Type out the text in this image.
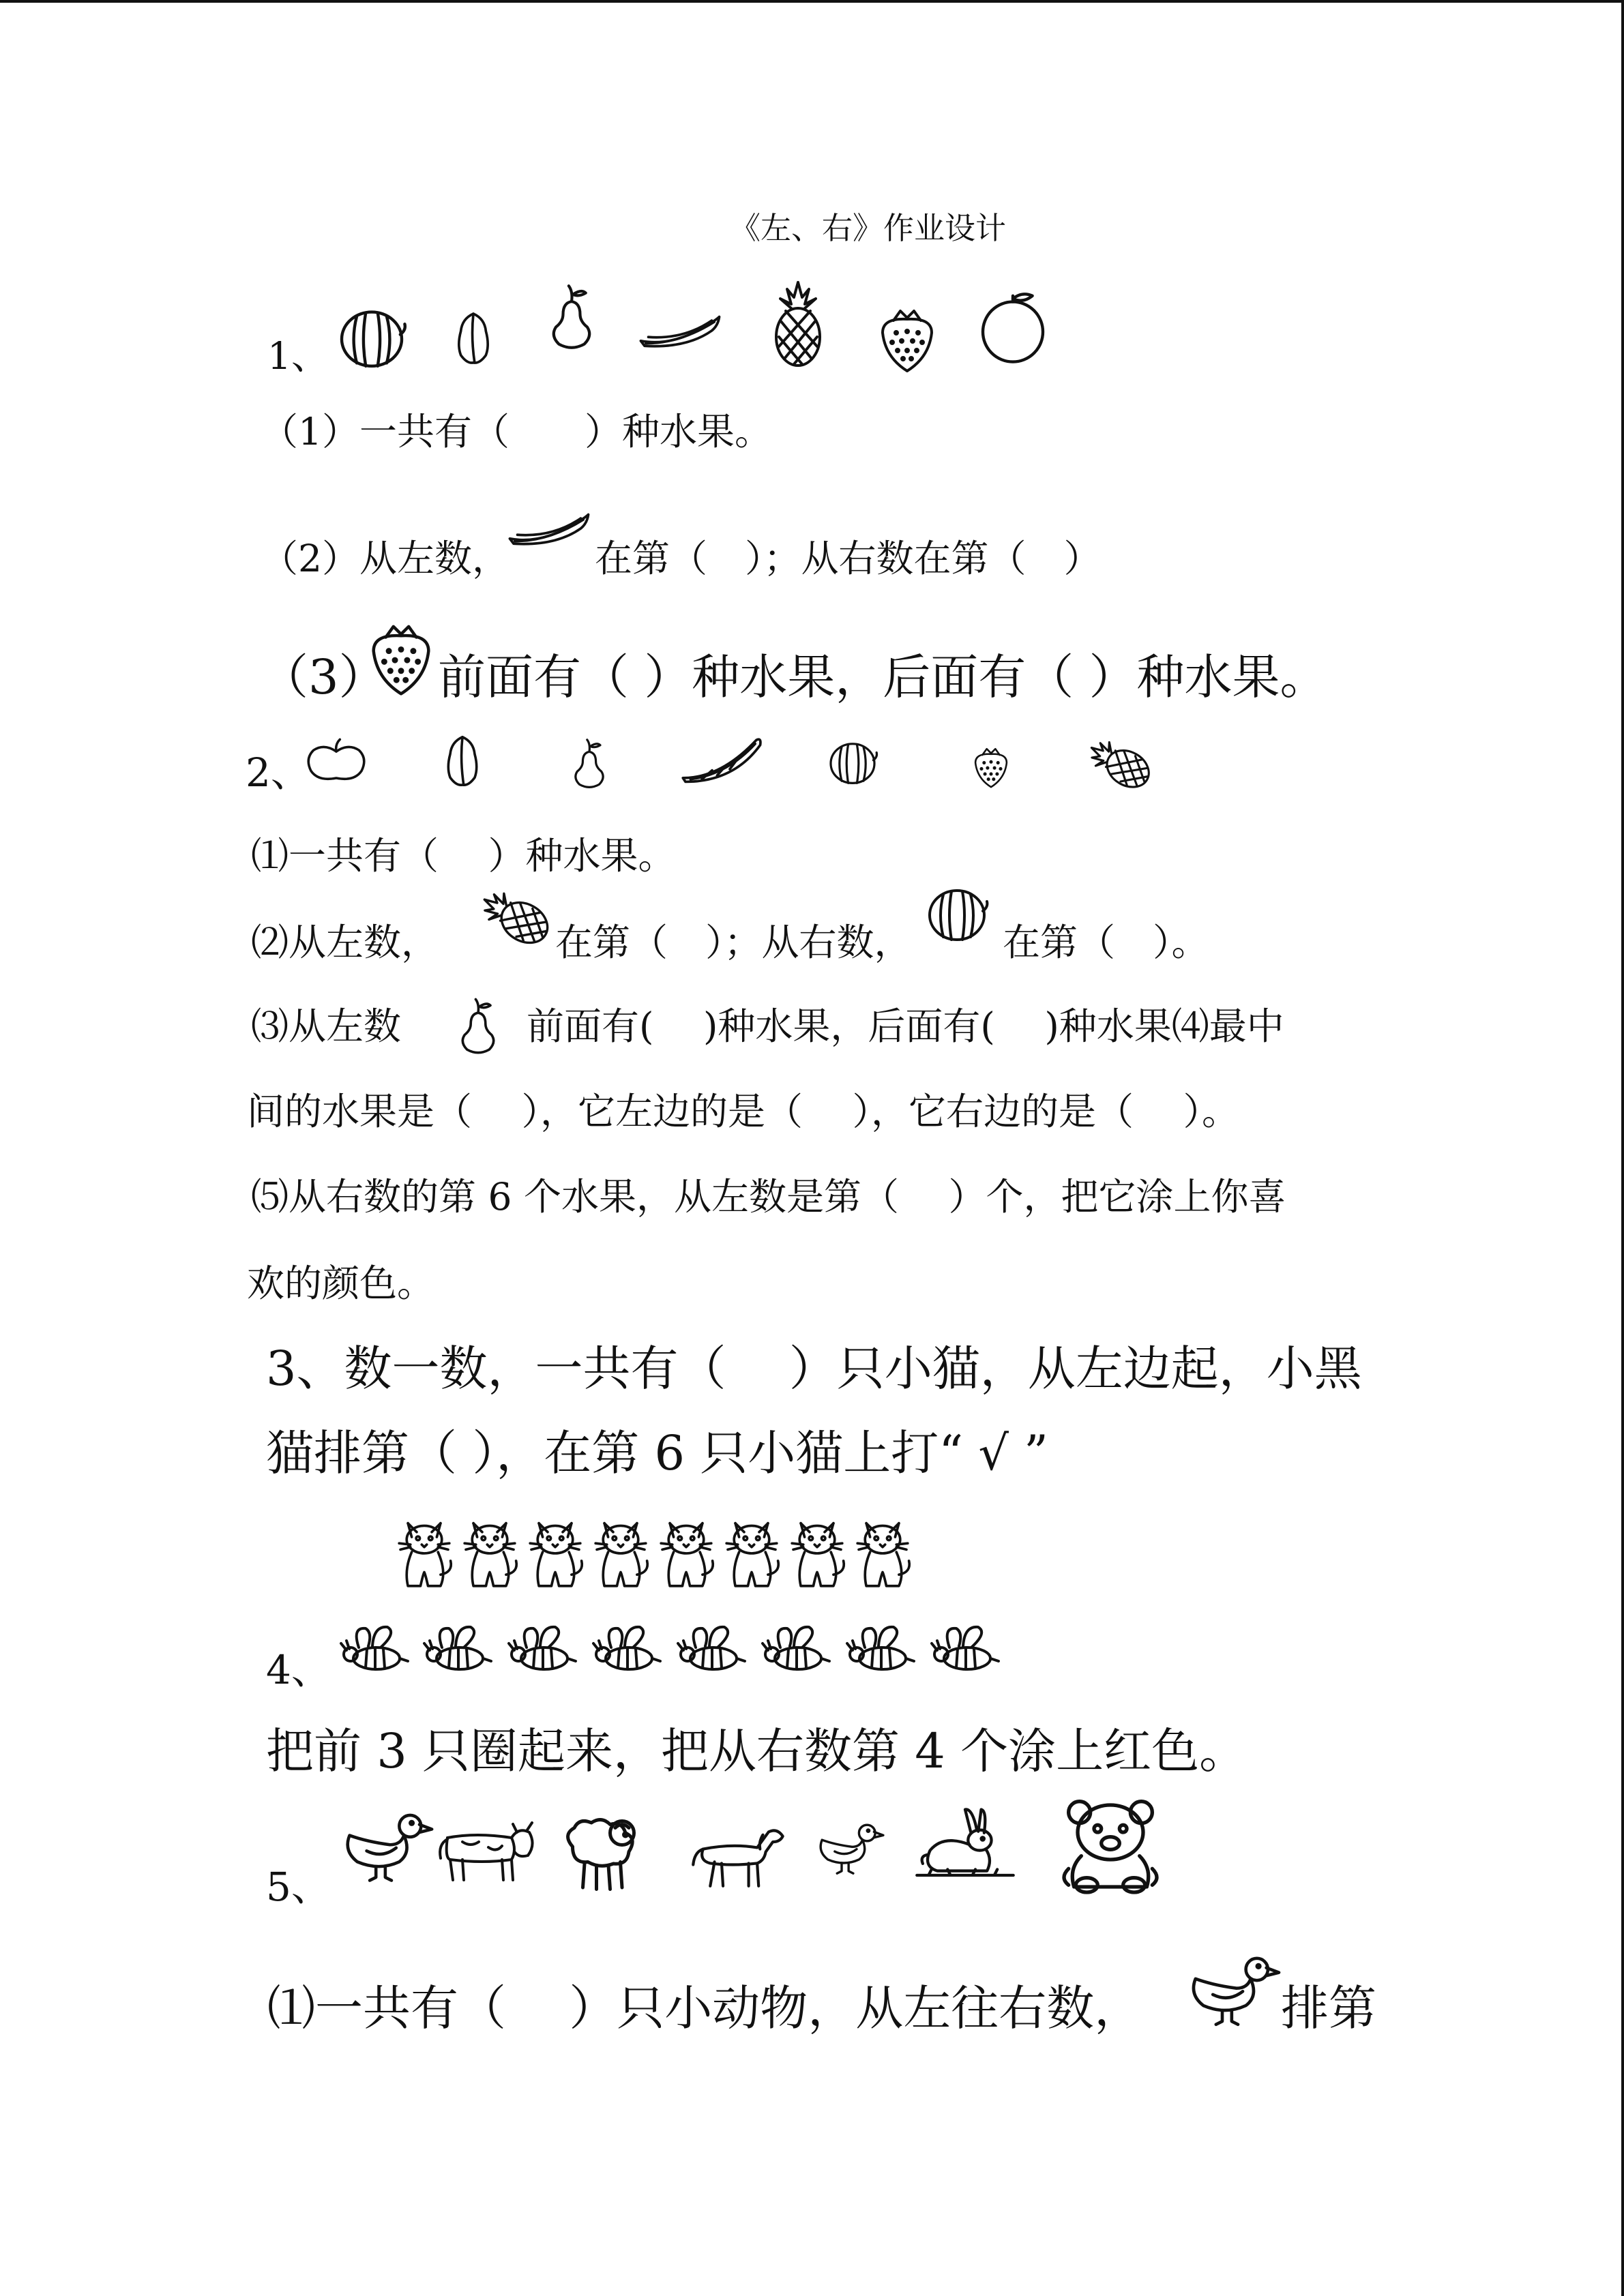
《左、右》作业设计
1、
（1）一共有（　　）种水果。
（2）从左数， 在第（　）；从右数在第（　）
（3） 前面有（ ）种水果，后面有（ ）种水果。
2、
⑴一共有（　 ）种水果。
⑵从左数，	在第（　）；从右数， 在第（　）。
⑶从左数	前面有(　 )种水果，后面有(　 )种水果⑷最中
间的水果是（　 ），它左边的是（　 ），它右边的是（　 ）。
⑸从右数的第 6 个水果，从左数是第（　 ）个，把它涂上你喜
欢的颜色。
3、数一数，一共有（　 ）只小猫，从左边起，小黑
猫排第（ ），在第 6 只小猫上打“ √ ”
4、
把前 3 只圈起来，把从右数第 4 个涂上红色。
5、
⑴一共有（　 ）只小动物，从左往右数，	排第
